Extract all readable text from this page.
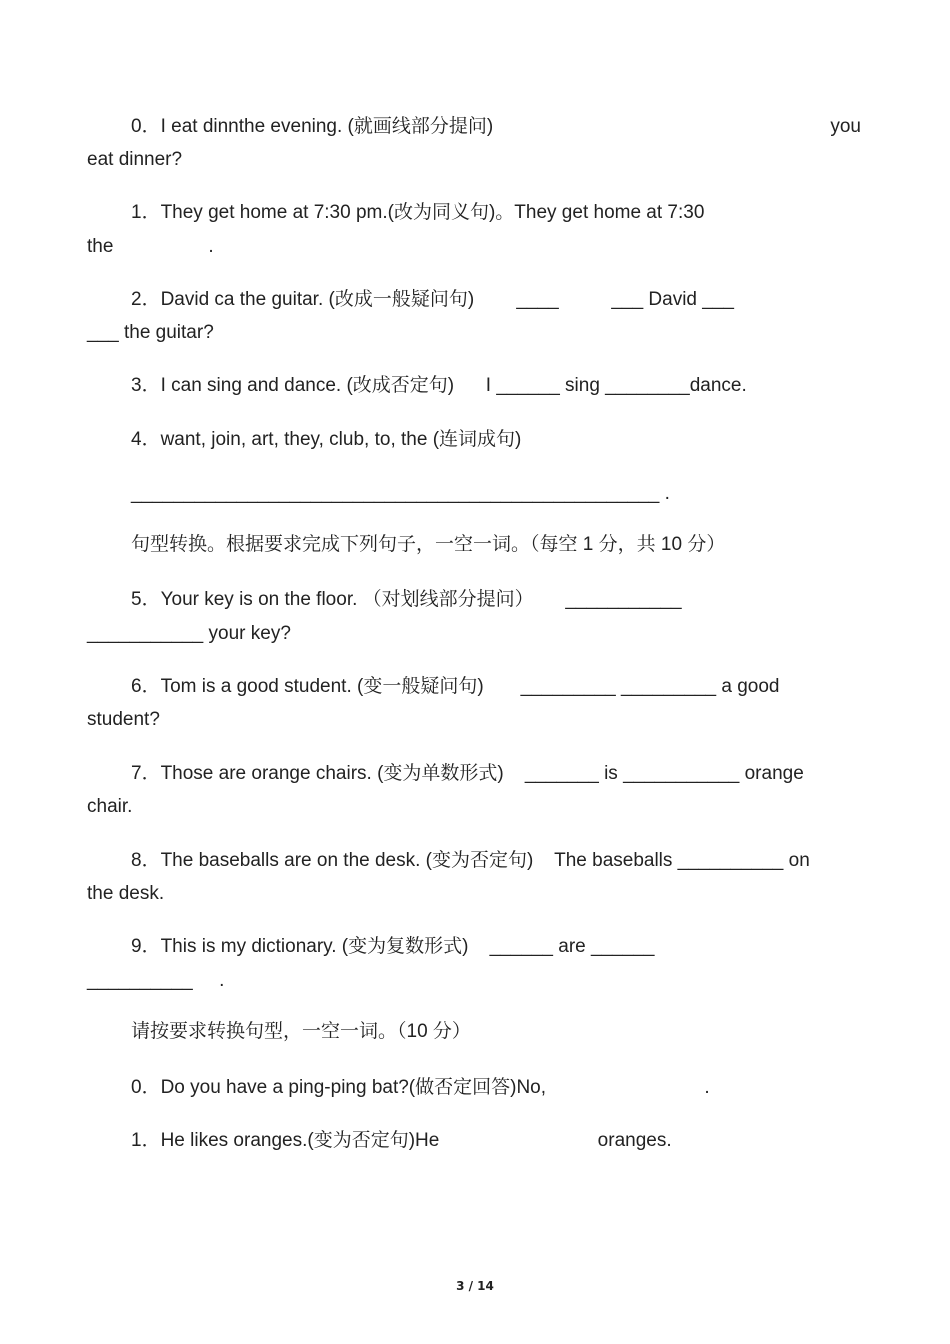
0．I eat dinnthe evening. (就画线部分提问)	you
eat dinner?
1．They get home at 7:30 pm.(改为同义句)。They get home at 7:30
the                  .
2．David ca the guitar. (改成一般疑问句)        ____          ___ David ___
___ the guitar?
3．I can sing and dance. (改成否定句)      I ______ sing ________dance.
4．want, join, art, they, club, to, the (连词成句)
__________________________________________________ .
句型转换。根据要求完成下列句子，一空一词。（每空 1 分，共 10 分）
5．Your key is on the floor. （对划线部分提问）      ___________
___________ your key?
6．Tom is a good student. (变一般疑问句)       _________ _________ a good
student?
7．Those are orange chairs. (变为单数形式)    _______ is ___________ orange
chair.
8．The baseballs are on the desk. (变为否定句)    The baseballs __________ on
the desk.
9．This is my dictionary. (变为复数形式)    ______ are ______
__________     .
请按要求转换句型，一空一词。（10 分）
0．Do you have a ping-ping bat?(做否定回答)No,                              .
1．He likes oranges.(变为否定句)He                              oranges.
3 / 14
